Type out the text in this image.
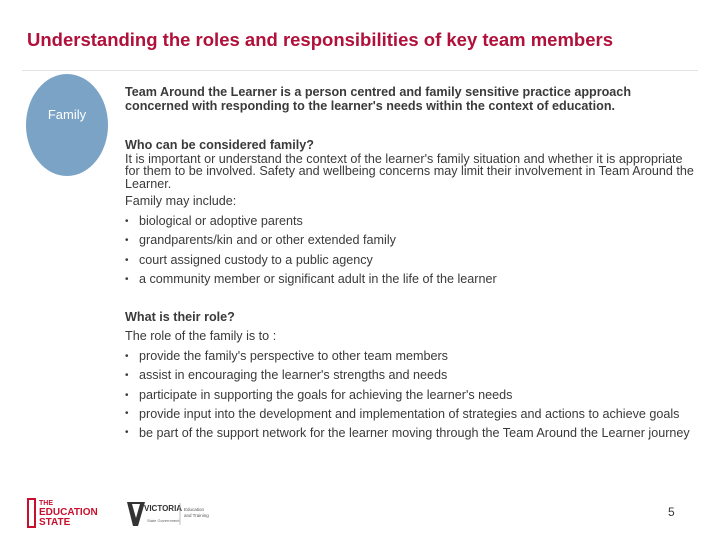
Understanding the roles and responsibilities of key team members
Family

Team Around the Learner is a person centred and family sensitive practice approach concerned with responding to the learner's needs within the context of education.

Who can be considered family?

It is important or understand the context of the learner's family situation and whether it is appropriate for them to be involved. Safety and wellbeing concerns may limit their involvement in Team Around the Learner.

Family may include:

• biological or adoptive parents
• grandparents/kin and or other extended family
• court assigned custody to a public agency
• a community member or significant adult in the life of the learner

What is their role?

The role of the family is to :

• provide the family's perspective to other team members
• assist in encouraging the learner's strengths and needs
• participate in supporting the goals for achieving the learner's needs
• provide input into the development and implementation of strategies and actions to achieve goals
• be part of the support network for the learner moving through the Team Around the Learner journey
THE
EDUCATION
STATE
VICTORIA
State Government
Education
and Training	5
